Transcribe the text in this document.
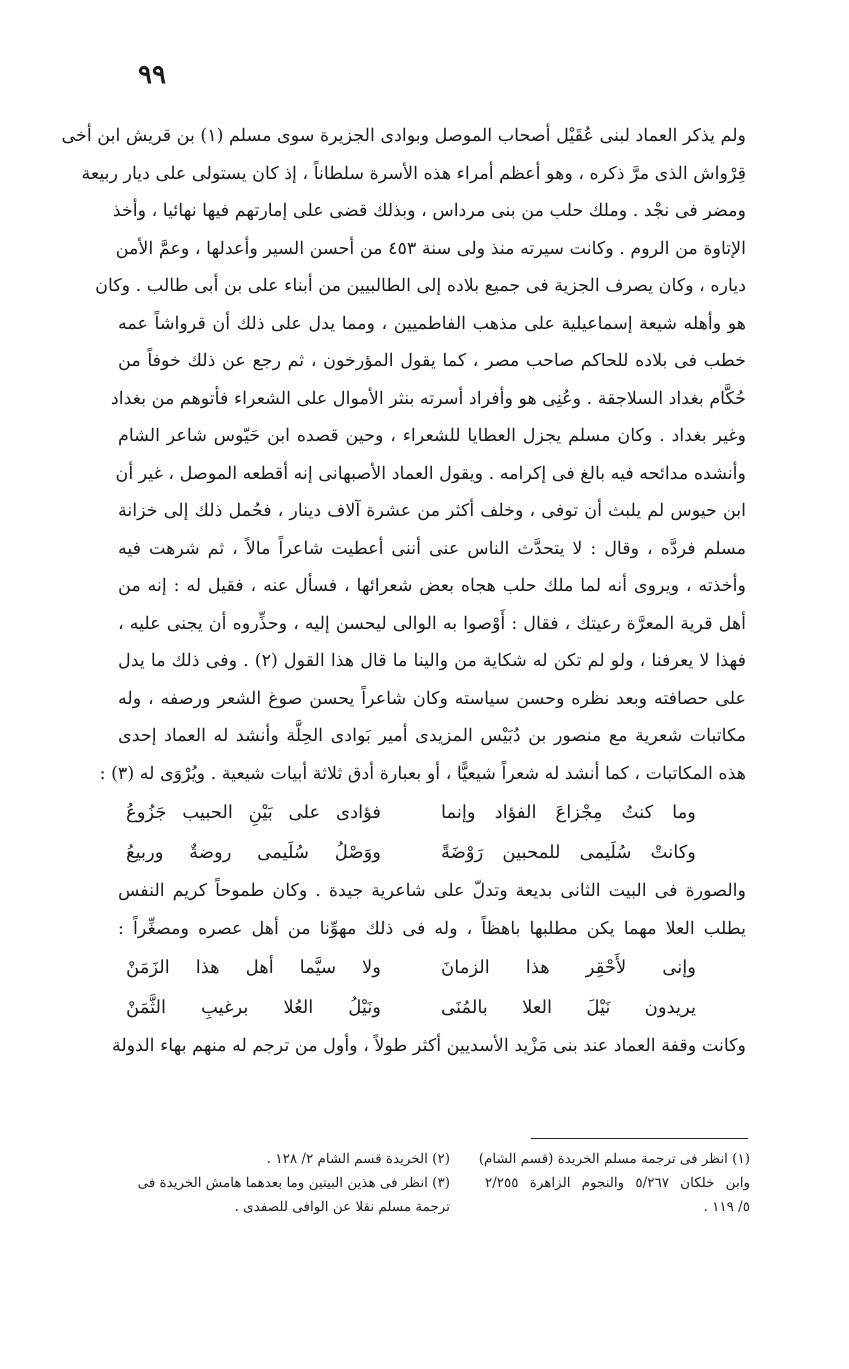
٩٩
ولم يذكر العماد لبنى عُقَيْل أصحاب الموصل وبوادى الجزيرة سوى مسلم (١) بن قريش ابن أخى
قِرْواش الذى مرَّ ذكره ، وهو أعظم أمراء هذه الأسرة سلطاناً ، إذ كان يستولى على ديار ربيعة
ومضر فى نجْد . وملك حلب من بنى مرداس ، وبذلك قضى على إمارتهم فيها نهائيا ، وأخذ
الإتاوة من الروم . وكانت سيرته منذ ولى سنة ٤٥٣ من أحسن السير وأعدلها ، وعمَّ الأمن
دياره ، وكان يصرف الجزية فى جميع بلاده إلى الطالبيين من أبناء على بن أبى طالب . وكان
هو وأهله شيعة إسماعيلية على مذهب الفاطميين ، ومما يدل على ذلك أن قرواشاً عمه
خطب فى بلاده للحاكم صاحب مصر ، كما يقول المؤرخون ، ثم رجع عن ذلك خوفاً من
حُكَّام بغداد السلاجقة . وعُنِى هو وأفراد أسرته بنثر الأموال على الشعراء فأتوهم من بغداد
وغير بغداد . وكان مسلم يجزل العطايا للشعراء ، وحين قصده ابن حَيّوس شاعر الشام
وأنشده مدائحه فيه بالغ فى إكرامه . ويقول العماد الأصبهانى إنه أقطعه الموصل ، غير أن
ابن حيوس لم يلبث أن توفى ، وخلف أكثر من عشرة آلاف دينار ، فحُمل ذلك إلى خزانة
مسلم فردَّه ، وقال : لا يتحدَّث الناس عنى أننى أعطيت شاعراً مالاً ، ثم شرهت فيه
وأخذته ، ويروى أنه لما ملك حلب هجاه بعض شعرائها ، فسأل عنه ، فقيل له : إنه من
أهل قرية المعرَّة رعيتك ، فقال : أَوْصوا به الوالى ليحسن إليه ، وحذِّروه أن يجنى عليه ،
فهذا لا يعرفنا ، ولو لم تكن له شكاية من والينا ما قال هذا القول (٢) . وفى ذلك ما يدل
على حصافته وبعد نظره وحسن سياسته وكان شاعراً يحسن صوغ الشعر ورصفه ، وله
مكاتبات شعرية مع منصور بن دُبَيْس المزيدى أمير بَوادى الحِلَّة وأنشد له العماد إحدى
هذه المكاتبات ، كما أنشد له شعراً شيعيًّا ، أو بعبارة أدق ثلاثة أبيات شيعية . ويُرْوَى له (٣) :
وما كنتُ مِجْزاعَ الفؤاد وإنما
فؤادى على بَيْنِ الحبيب جَزُوعُ
وكانتْ سُلَيمى للمحبين رَوْضَةً
ووَصْلُ سُلَيمى روضةٌ وربيعُ
والصورة فى البيت الثانى بديعة وتدلّ على شاعرية جيدة . وكان طموحاً كريم النفس
يطلب العلا مهما يكن مطلبها باهظاً ، وله فى ذلك مهوِّنا من أهل عصره ومصغِّراً :
وإنى لأَحْقِر هذا الزمانَ
ولا سيَّما أهل هذا الزَمَنْ
يريدون نَيْلَ العلا بالمُنَى
ونَيْلُ العُلا برغيبِ الثَّمَنْ
وكانت وقفة العماد عند بنى مَزْيد الأسديين أكثر طولاً ، وأول من ترجم له منهم بهاء الدولة
(١) انظر فى ترجمة مسلم الخريدة (قسم الشام)
وابن خلكان ٥/٢٦٧ والنجوم الزاهرة ٢/٢٥٥
٥/ ١١٩ .
(٢) الخريدة قسم الشام ٢/ ١٢٨ .
(٣) انظر فى هذين البيتين وما بعدهما هامش الخريدة فى
ترجمة مسلم نقلا عن الوافى للصفدى .
